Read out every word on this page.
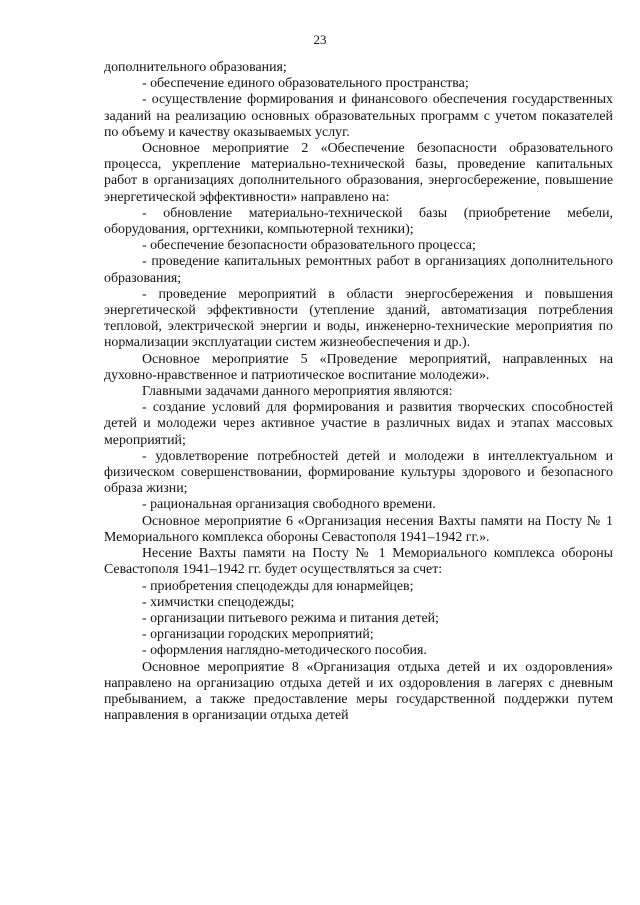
23

дополнительного образования;

- обеспечение единого образовательного пространства;

- осуществление формирования и финансового обеспечения государственных заданий на реализацию основных образовательных программ с учетом показателей по объему и качеству оказываемых услуг.

Основное мероприятие 2 «Обеспечение безопасности образовательного процесса, укрепление материально-технической базы, проведение капитальных работ в организациях дополнительного образования, энергосбережение, повышение энергетической эффективности» направлено на:

- обновление материально-технической базы (приобретение мебели, оборудования, оргтехники, компьютерной техники);

- обеспечение безопасности образовательного процесса;

- проведение капитальных ремонтных работ в организациях дополнительного образования;

- проведение мероприятий в области энергосбережения и повышения энергетической эффективности (утепление зданий, автоматизация потребления тепловой, электрической энергии и воды, инженерно-технические мероприятия по нормализации эксплуатации систем жизнеобеспечения и др.).

Основное мероприятие 5 «Проведение мероприятий, направленных на духовно-нравственное и патриотическое воспитание молодежи».

Главными задачами данного мероприятия являются:

- создание условий для формирования и развития творческих способностей детей и молодежи через активное участие в различных видах и этапах массовых мероприятий;

- удовлетворение потребностей детей и молодежи в интеллектуальном и физическом совершенствовании, формирование культуры здорового и безопасного образа жизни;

- рациональная организация свободного времени.

Основное мероприятие 6 «Организация несения Вахты памяти на Посту № 1 Мемориального комплекса обороны Севастополя 1941–1942 гг.».

Несение Вахты памяти на Посту № 1 Мемориального комплекса обороны Севастополя 1941–1942 гг. будет осуществляться за счет:

- приобретения спецодежды для юнармейцев;

- химчистки спецодежды;

- организации питьевого режима и питания детей;

- организации городских мероприятий;

- оформления наглядно-методического пособия.

Основное мероприятие 8 «Организация отдыха детей и их оздоровления» направлено на организацию отдыха детей и их оздоровления в лагерях с дневным пребыванием, а также предоставление меры государственной поддержки путем направления в организации отдыха детей
